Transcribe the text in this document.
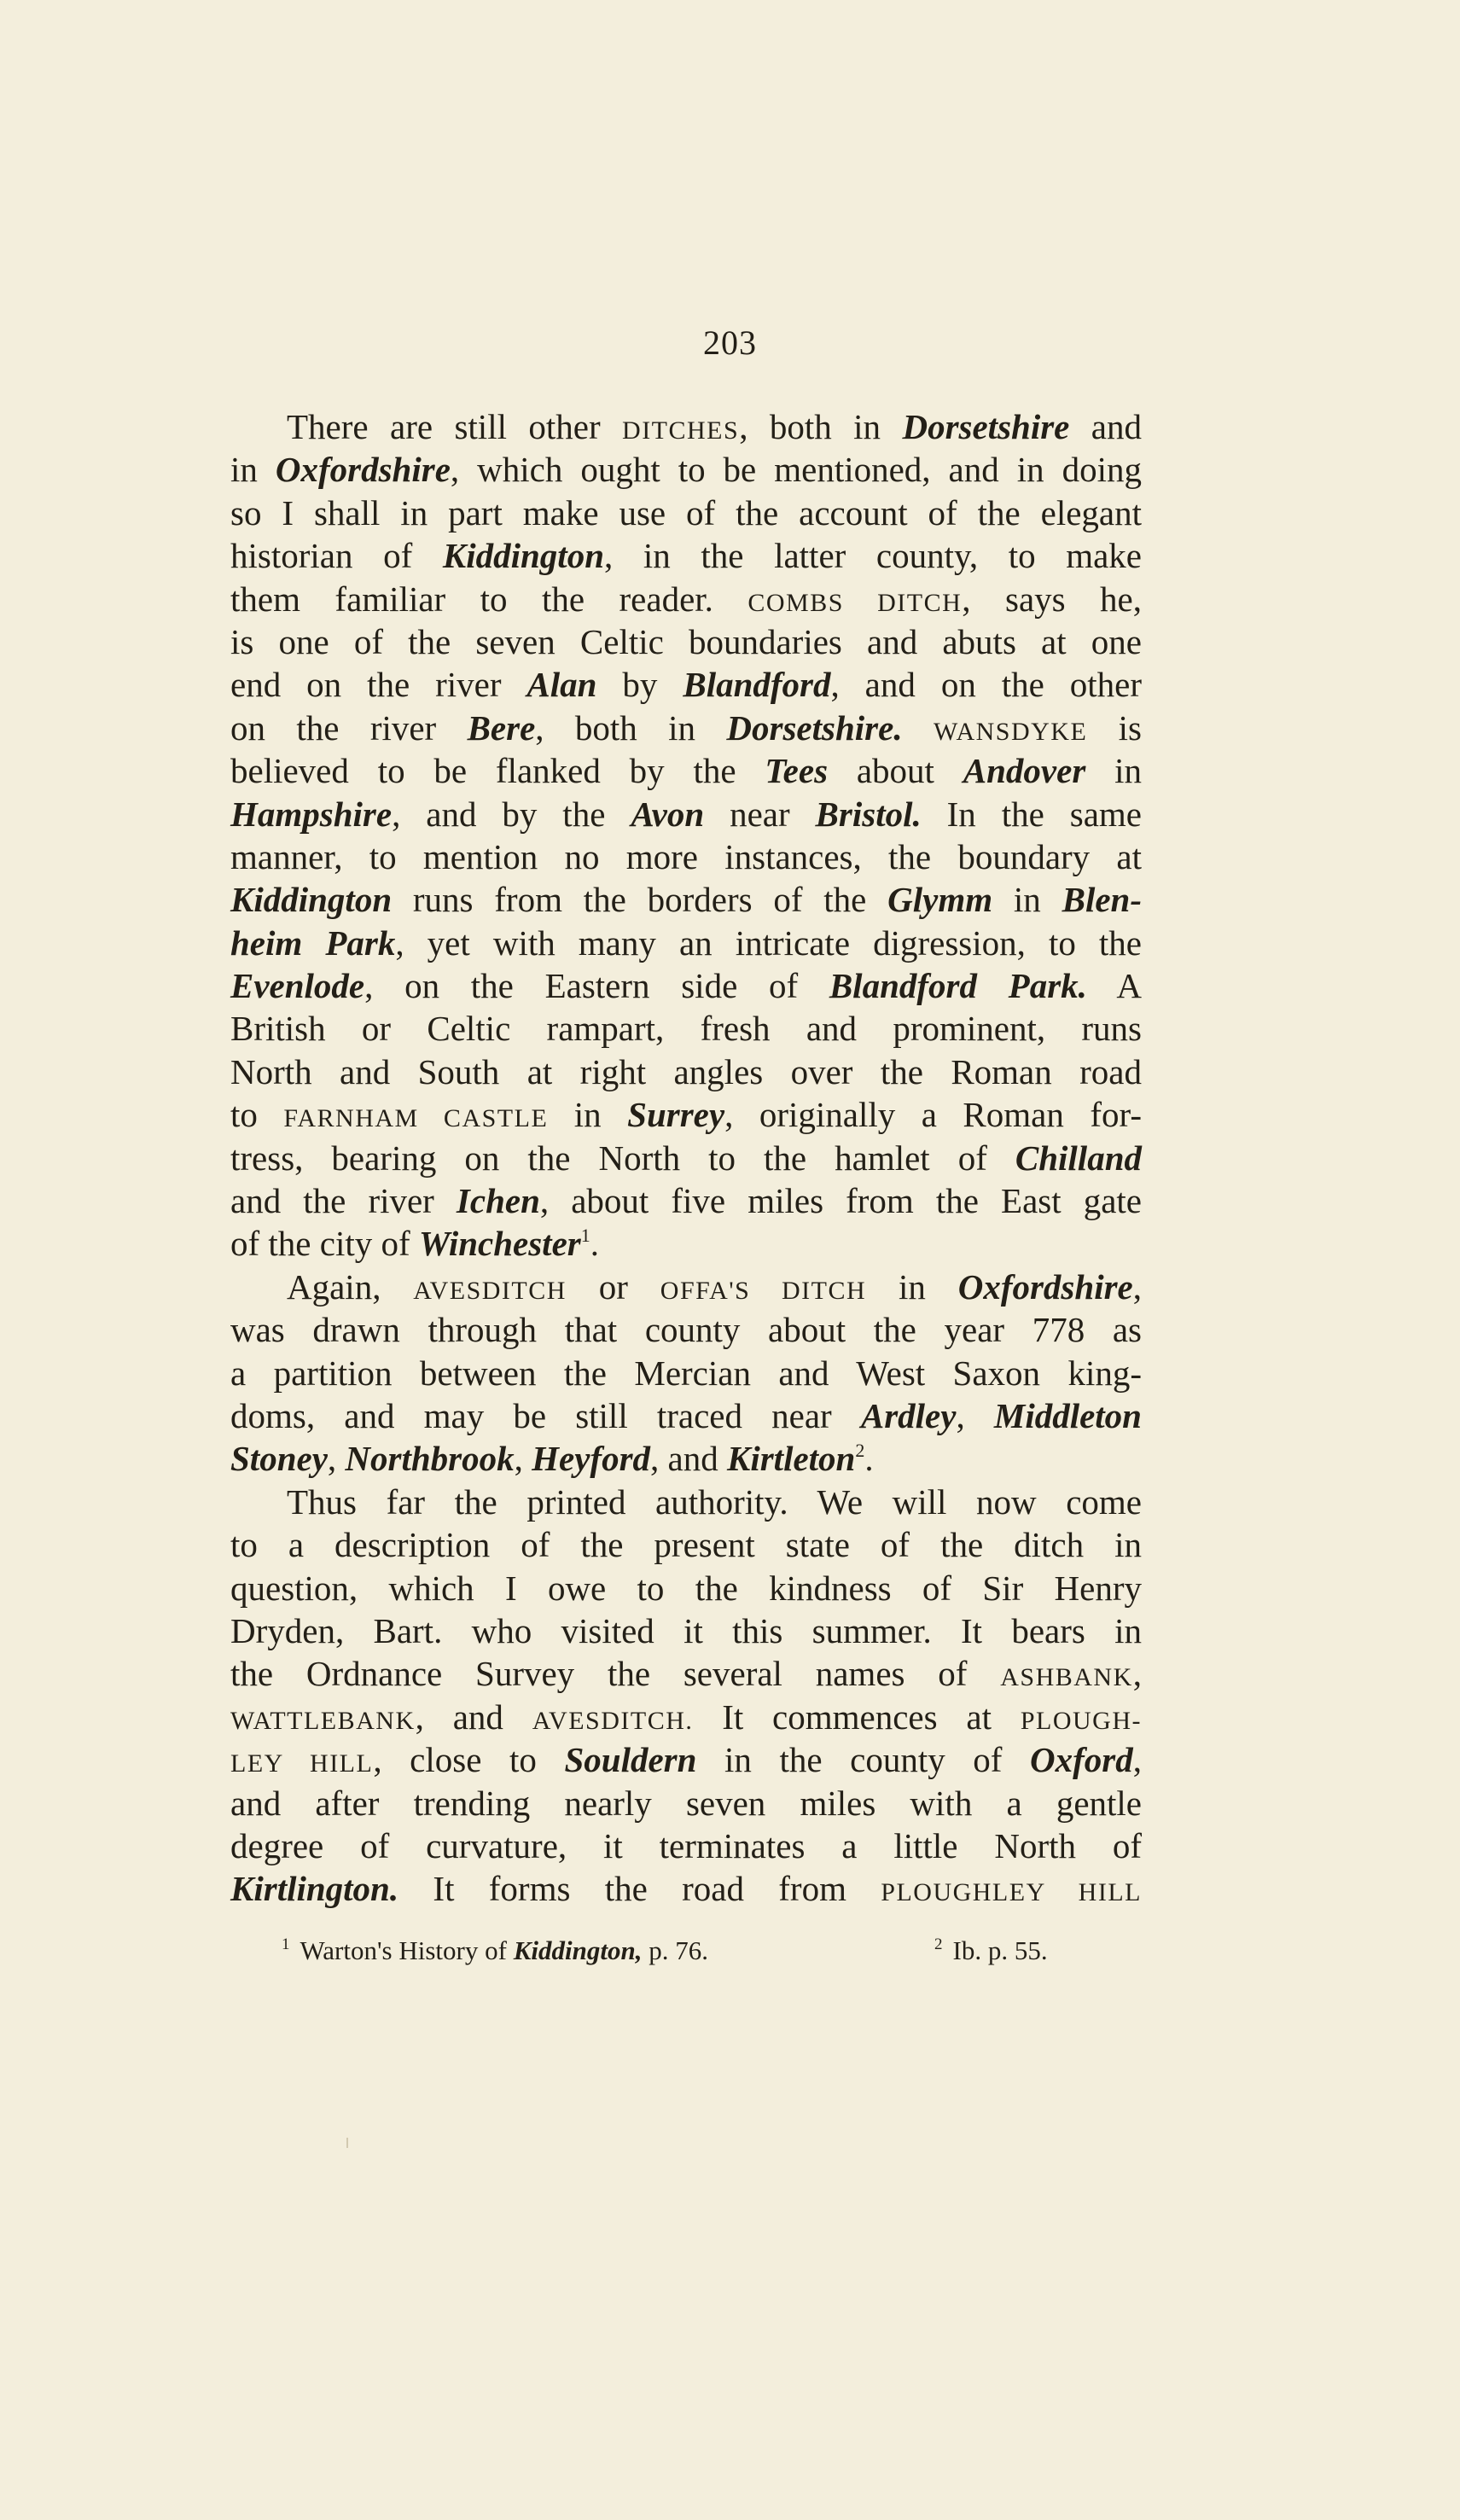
203
There are still other DITCHES, both in Dorsetshire and
in Oxfordshire, which ought to be mentioned, and in doing
so I shall in part make use of the account of the elegant
historian of Kiddington, in the latter county, to make
them familiar to the reader. COMBS DITCH, says he,
is one of the seven Celtic boundaries and abuts at one
end on the river Alan by Blandford, and on the other
on the river Bere, both in Dorsetshire. WANSDYKE is
believed to be flanked by the Tees about Andover in
Hampshire, and by the Avon near Bristol. In the same
manner, to mention no more instances, the boundary at
Kiddington runs from the borders of the Glymm in Blen-
heim Park, yet with many an intricate digression, to the
Evenlode, on the Eastern side of Blandford Park. A
British or Celtic rampart, fresh and prominent, runs
North and South at right angles over the Roman road
to FARNHAM CASTLE in Surrey, originally a Roman for-
tress, bearing on the North to the hamlet of Chilland
and the river Ichen, about five miles from the East gate
of the city of Winchester$^1$.
Again, AVESDITCH or OFFA'S DITCH in Oxfordshire,
was drawn through that county about the year 778 as
a partition between the Mercian and West Saxon king-
doms, and may be still traced near Ardley, Middleton
Stoney, Northbrook, Heyford, and Kirtleton$^2$.
Thus far the printed authority. We will now come
to a description of the present state of the ditch in
question, which I owe to the kindness of Sir Henry
Dryden, Bart. who visited it this summer. It bears in
the Ordnance Survey the several names of ASHBANK,
WATTLEBANK, and AVESDITCH. It commences at PLOUGH-
LEY HILL, close to Souldern in the county of Oxford,
and after trending nearly seven miles with a gentle
degree of curvature, it terminates a little North of
Kirtlington. It forms the road from PLOUGHLEY HILL
$^1$ Warton's History of Kiddington, p. 76.	$^2$ Ib. p. 55.
